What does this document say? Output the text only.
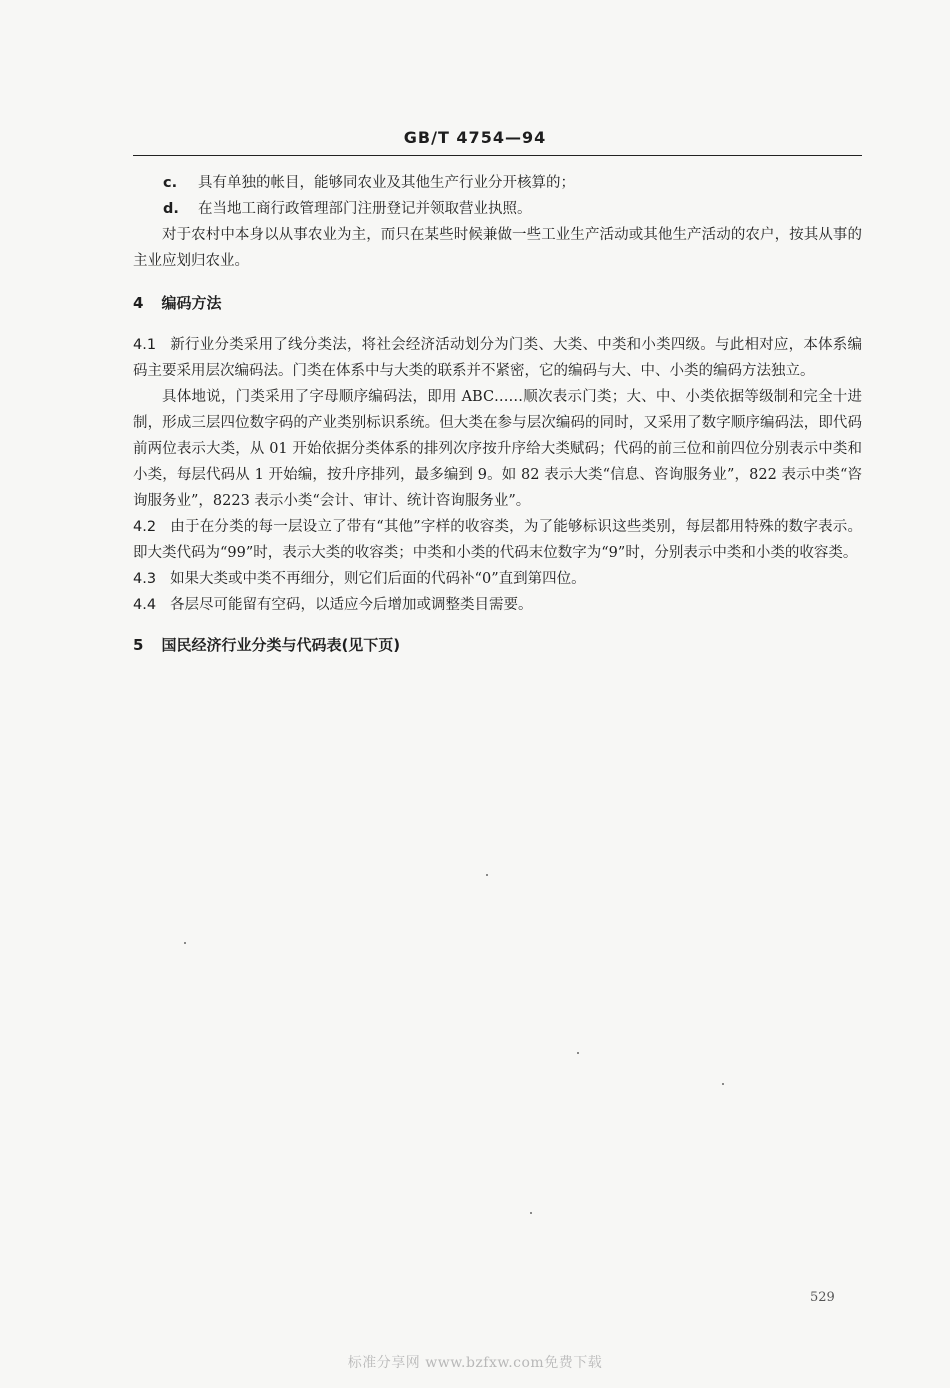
GB/T 4754—94
c. 具有单独的帐目，能够同农业及其他生产行业分开核算的；
d. 在当地工商行政管理部门注册登记并领取营业执照。

对于农村中本身以从事农业为主，而只在某些时候兼做一些工业生产活动或其他生产活动的农户，按其从事的主业应划归农业。

4 编码方法

4.1 新行业分类采用了线分类法，将社会经济活动划分为门类、大类、中类和小类四级。与此相对应，本体系编码主要采用层次编码法。门类在体系中与大类的联系并不紧密，它的编码与大、中、小类的编码方法独立。

具体地说，门类采用了字母顺序编码法，即用 ABC……顺次表示门类；大、中、小类依据等级制和完全十进制，形成三层四位数字码的产业类别标识系统。但大类在参与层次编码的同时，又采用了数字顺序编码法，即代码前两位表示大类，从 01 开始依据分类体系的排列次序按升序给大类赋码；代码的前三位和前四位分别表示中类和小类，每层代码从 1 开始编，按升序排列，最多编到 9。如 82 表示大类“信息、咨询服务业”，822 表示中类“咨询服务业”，8223 表示小类“会计、审计、统计咨询服务业”。

4.2 由于在分类的每一层设立了带有“其他”字样的收容类，为了能够标识这些类别，每层都用特殊的数字表示。即大类代码为“99”时，表示大类的收容类；中类和小类的代码末位数字为“9”时，分别表示中类和小类的收容类。

4.3 如果大类或中类不再细分，则它们后面的代码补“0”直到第四位。

4.4 各层尽可能留有空码，以适应今后增加或调整类目需要。

5 国民经济行业分类与代码表(见下页)
529
标准分享网 www.bzfxw.com免费下载
